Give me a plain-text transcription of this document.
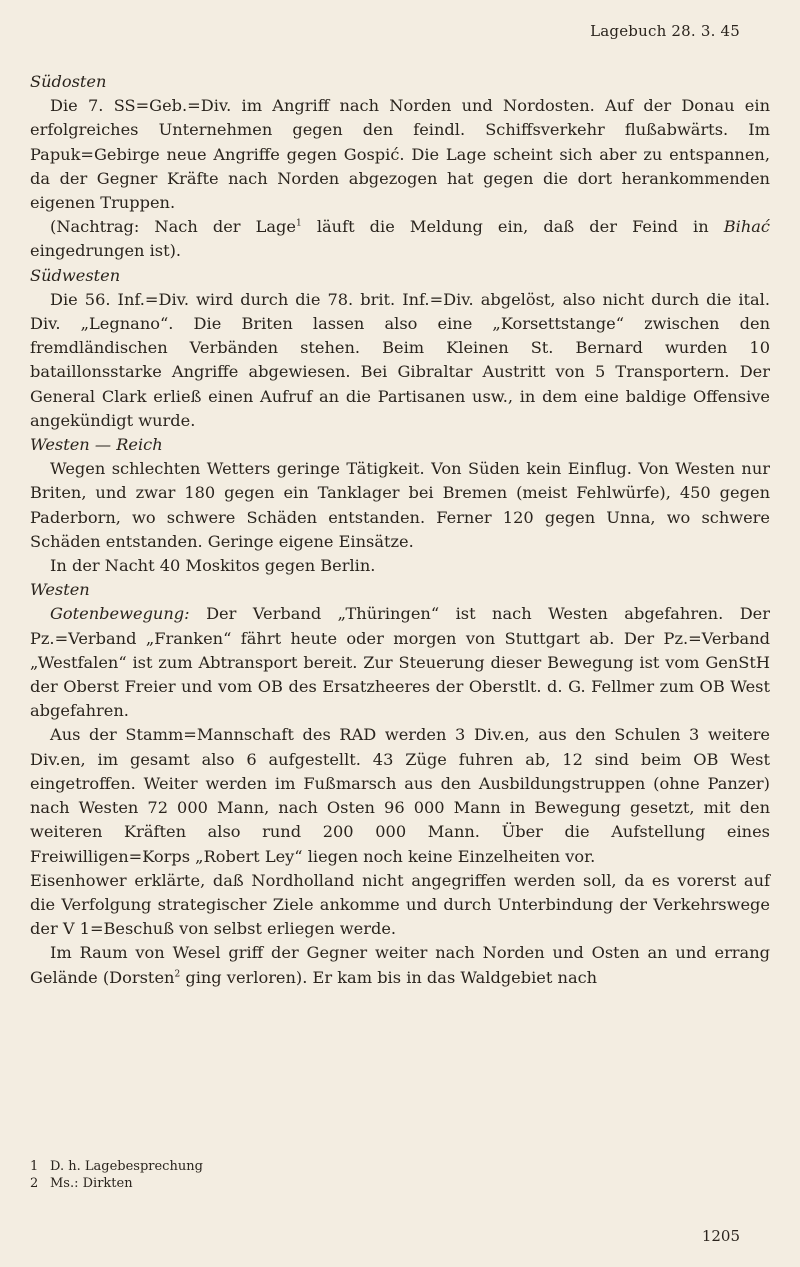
Lagebuch 28. 3. 45
Südosten

Die 7. SS=Geb.=Div. im Angriff nach Norden und Nordosten. Auf der Donau ein erfolgreiches Unternehmen gegen den feindl. Schiffsverkehr flußabwärts. Im Papuk=Gebirge neue Angriffe gegen Gospić. Die Lage scheint sich aber zu entspannen, da der Gegner Kräfte nach Norden abgezogen hat gegen die dort herankommenden eigenen Truppen.

(Nachtrag: Nach der Lage$^1$ läuft die Meldung ein, daß der Feind in Bihać eingedrungen ist).

Südwesten

Die 56. Inf.=Div. wird durch die 78. brit. Inf.=Div. abgelöst, also nicht durch die ital. Div. „Legnano“. Die Briten lassen also eine „Korsettstange“ zwischen den fremdländischen Verbänden stehen. Beim Kleinen St. Bernard wurden 10 bataillonsstarke Angriffe abgewiesen. Bei Gibraltar Austritt von 5 Transportern. Der General Clark erließ einen Aufruf an die Partisanen usw., in dem eine baldige Offensive angekündigt wurde.

Westen — Reich

Wegen schlechten Wetters geringe Tätigkeit. Von Süden kein Einflug. Von Westen nur Briten, und zwar 180 gegen ein Tanklager bei Bremen (meist Fehlwürfe), 450 gegen Paderborn, wo schwere Schäden entstanden. Ferner 120 gegen Unna, wo schwere Schäden entstanden. Geringe eigene Einsätze.

In der Nacht 40 Moskitos gegen Berlin.

Westen

Gotenbewegung: Der Verband „Thüringen“ ist nach Westen abgefahren. Der Pz.=Verband „Franken“ fährt heute oder morgen von Stuttgart ab. Der Pz.=Verband „Westfalen“ ist zum Abtransport bereit. Zur Steuerung dieser Bewegung ist vom GenStH der Oberst Freier und vom OB des Ersatzheeres der Oberstlt. d. G. Fellmer zum OB West abgefahren.

Aus der Stamm=Mannschaft des RAD werden 3 Div.en, aus den Schulen 3 weitere Div.en, im gesamt also 6 aufgestellt. 43 Züge fuhren ab, 12 sind beim OB West eingetroffen. Weiter werden im Fußmarsch aus den Ausbildungstruppen (ohne Panzer) nach Westen 72 000 Mann, nach Osten 96 000 Mann in Bewegung gesetzt, mit den weiteren Kräften also rund 200 000 Mann. Über die Aufstellung eines Freiwilligen=Korps „Robert Ley“ liegen noch keine Einzelheiten vor.

Eisenhower erklärte, daß Nordholland nicht angegriffen werden soll, da es vorerst auf die Verfolgung strategischer Ziele ankomme und durch Unterbindung der Verkehrswege der V 1=Beschuß von selbst erliegen werde.

Im Raum von Wesel griff der Gegner weiter nach Norden und Osten an und errang Gelände (Dorsten$^2$ ging verloren). Er kam bis in das Waldgebiet nach

1 D. h. Lagebesprechung
2 Ms.: Dirkten
1205
